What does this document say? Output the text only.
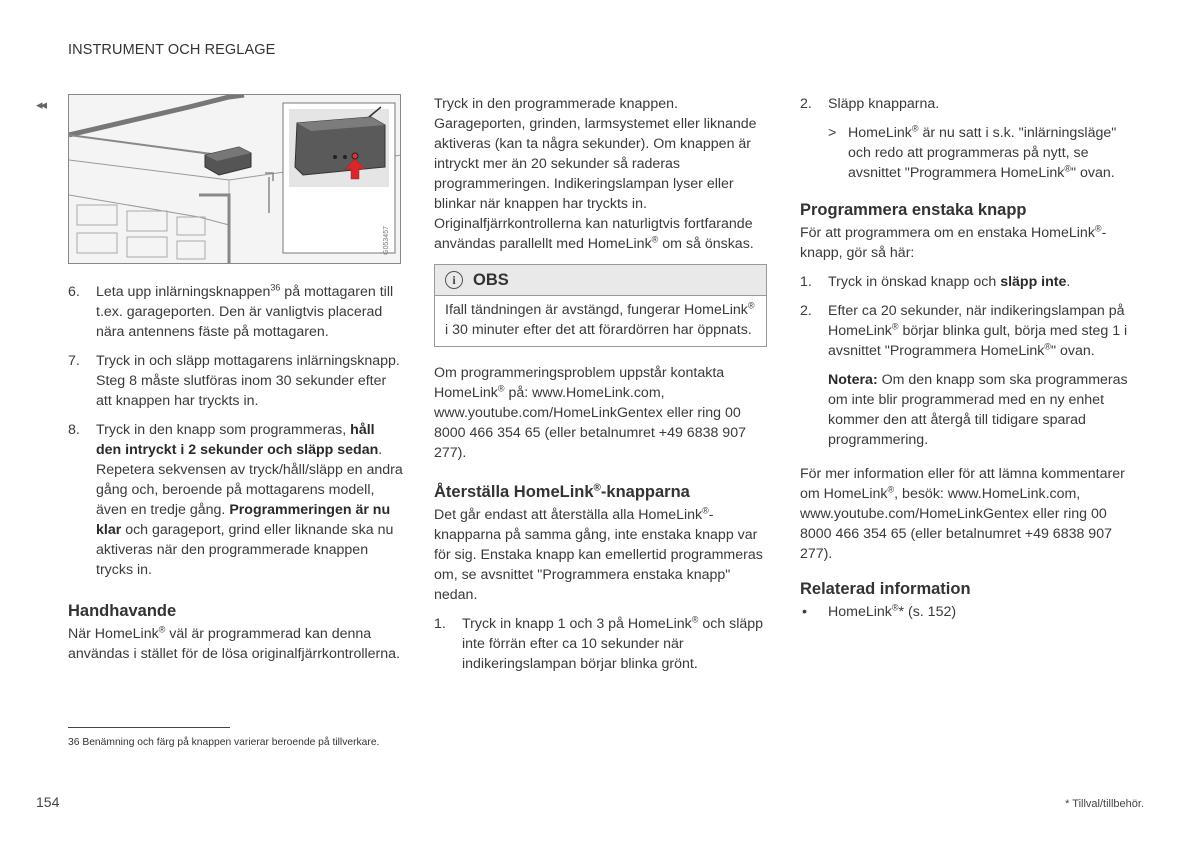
INSTRUMENT OCH REGLAGE
◂◂
G053457
6. Leta upp inlärningsknappen$^{36}$ på mottagaren till t.ex. garageporten. Den är vanligtvis placerad nära antennens fäste på mottagaren.
7. Tryck in och släpp mottagarens inlärningsknapp. Steg 8 måste slutföras inom 30 sekunder efter att knappen har tryckts in.
8. Tryck in den knapp som programmeras, håll den intryckt i 2 sekunder och släpp sedan. Repetera sekvensen av tryck/håll/släpp en andra gång och, beroende på mottagarens modell, även en tredje gång. Programmeringen är nu klar och garageport, grind eller liknande ska nu aktiveras när den programmerade knappen trycks in.
Handhavande

När HomeLink® väl är programmerad kan denna användas i stället för de lösa originalfjärrkontrollerna.

Tryck in den programmerade knappen. Garageporten, grinden, larmsystemet eller liknande aktiveras (kan ta några sekunder). Om knappen är intryckt mer än 20 sekunder så raderas programmeringen. Indikeringslampan lyser eller blinkar när knappen har tryckts in. Originalfjärrkontrollerna kan naturligtvis fortfarande användas parallellt med HomeLink® om så önskas.

i	OBS
Ifall tändningen är avstängd, fungerar HomeLink® i 30 minuter efter det att förardörren har öppnats.

Om programmeringsproblem uppstår kontakta HomeLink® på: www.HomeLink.com, www.youtube.com/HomeLinkGentex eller ring 00 8000 466 354 65 (eller betalnumret +49 6838 907 277).

Återställa HomeLink®-knapparna

Det går endast att återställa alla HomeLink®-knapparna på samma gång, inte enstaka knapp var för sig. Enstaka knapp kan emellertid programmeras om, se avsnittet "Programmera enstaka knapp" nedan.

1. Tryck in knapp 1 och 3 på HomeLink® och släpp inte förrän efter ca 10 sekunder när indikeringslampan börjar blinka grönt.
2. Släpp knapparna.
> HomeLink® är nu satt i s.k. "inlärningsläge" och redo att programmeras på nytt, se avsnittet "Programmera HomeLink®" ovan.
Programmera enstaka knapp

För att programmera om en enstaka HomeLink®-knapp, gör så här:

1. Tryck in önskad knapp och släpp inte.
2. Efter ca 20 sekunder, när indikeringslampan på HomeLink® börjar blinka gult, börja med steg 1 i avsnittet "Programmera HomeLink®" ovan.

Notera: Om den knapp som ska programmeras om inte blir programmerad med en ny enhet kommer den att återgå till tidigare sparad programmering.

För mer information eller för att lämna kommentarer om HomeLink®, besök: www.HomeLink.com, www.youtube.com/HomeLinkGentex eller ring 00 8000 466 354 65 (eller betalnumret +49 6838 907 277).

Relaterad information
• HomeLink®* (s. 152)
36 Benämning och färg på knappen varierar beroende på tillverkare.
154	* Tillval/tillbehör.
